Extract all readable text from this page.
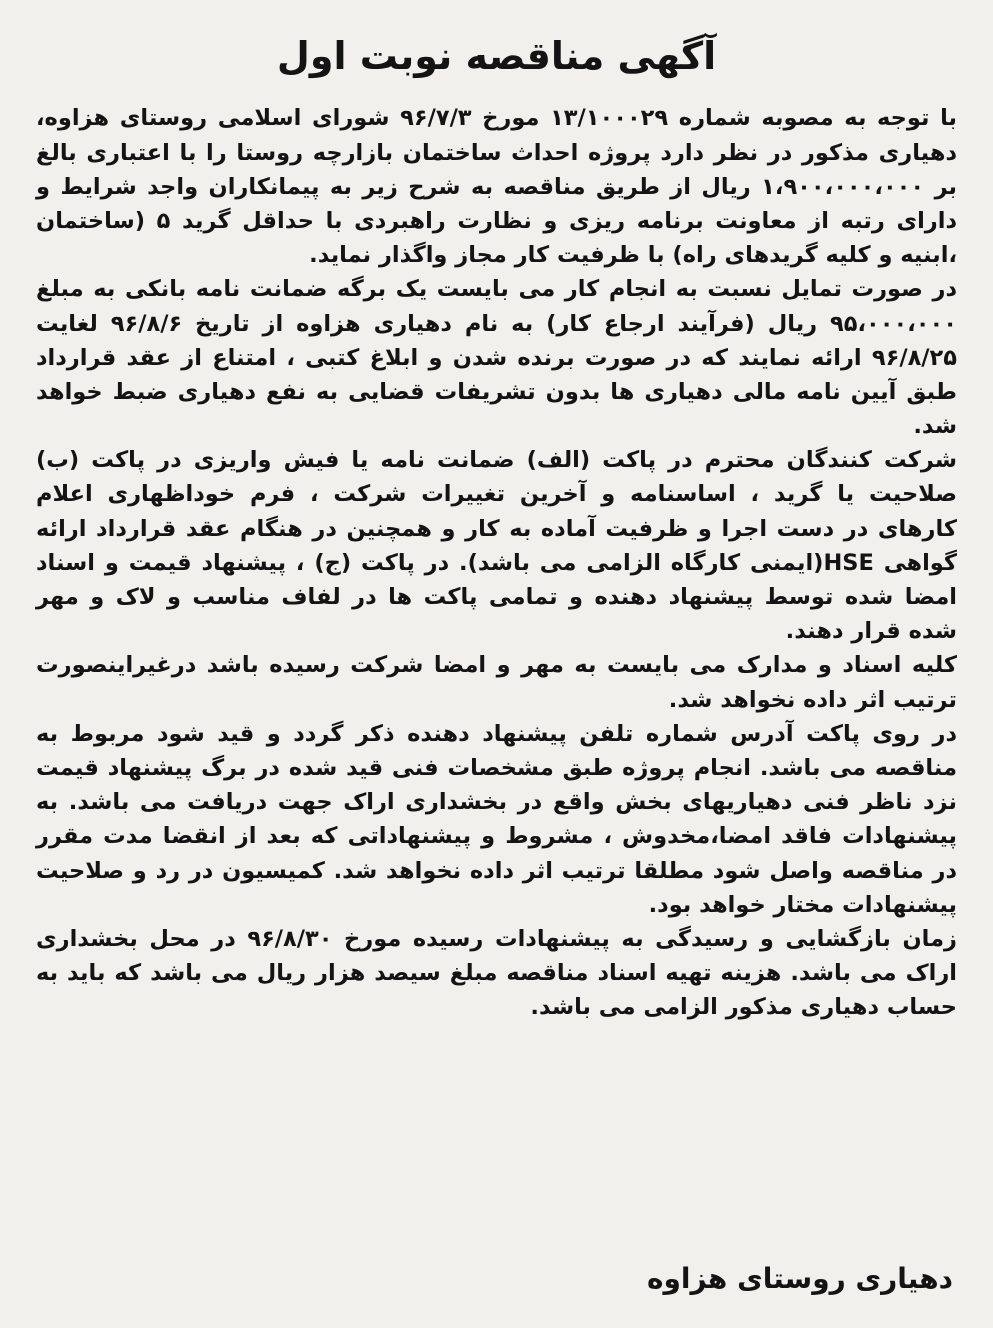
آگهی مناقصه نوبت اول

با توجه به مصوبه شماره ۱۳/۱۰۰۰۲۹ مورخ ۹۶/۷/۳ شورای اسلامی روستای هزاوه، دهیاری مذکور در نظر دارد پروژه احداث ساختمان بازارچه روستا را با اعتباری بالغ بر ۱،۹۰۰،۰۰۰،۰۰۰ ریال از طریق مناقصه به شرح زیر به پیمانکاران واجد شرایط و دارای رتبه از معاونت برنامه ریزی و نظارت راهبردی با حداقل گرید ۵ (ساختمان ،ابنیه و کلیه گریدهای راه) با ظرفیت کار مجاز واگذار نماید.

در صورت تمایل نسبت به انجام کار می بایست یک برگه ضمانت نامه بانکی به مبلغ ۹۵،۰۰۰،۰۰۰ ریال (فرآیند ارجاع کار) به نام دهیاری هزاوه از تاریخ ۹۶/۸/۶ لغایت ۹۶/۸/۲۵ ارائه نمایند که در صورت برنده شدن و ابلاغ کتبی ، امتناع از عقد قرارداد طبق آیین نامه مالی دهیاری ها بدون تشریفات قضایی به نفع دهیاری ضبط خواهد شد.

شرکت کنندگان محترم در پاکت (الف) ضمانت نامه یا فیش واریزی در پاکت (ب) صلاحیت یا گرید ، اساسنامه و آخرین تغییرات شرکت ، فرم خوداظهاری اعلام کارهای در دست اجرا و ظرفیت آماده به کار و همچنین در هنگام عقد قرارداد ارائه گواهی HSE(ایمنی کارگاه الزامی می باشد). در پاکت (ج) ، پیشنهاد قیمت و اسناد امضا شده توسط پیشنهاد دهنده و تمامی پاکت ها در لفاف مناسب و لاک و مهر شده قرار دهند.

کلیه اسناد و مدارک می بایست به مهر و امضا شرکت رسیده باشد درغیراینصورت ترتیب اثر داده نخواهد شد.

در روی پاکت آدرس شماره تلفن پیشنهاد دهنده ذکر گردد و قید شود مربوط به مناقصه می باشد. انجام پروژه طبق مشخصات فنی قید شده در برگ پیشنهاد قیمت نزد ناظر فنی دهیاریهای بخش واقع در بخشداری اراک جهت دریافت می باشد. به پیشنهادات فاقد امضا،مخدوش ، مشروط و پیشنهاداتی که بعد از انقضا مدت مقرر در مناقصه واصل شود مطلقا ترتیب اثر داده نخواهد شد. کمیسیون در رد و صلاحیت پیشنهادات مختار خواهد بود.

زمان بازگشایی و رسیدگی به پیشنهادات رسیده مورخ ۹۶/۸/۳۰ در محل بخشداری اراک می باشد. هزینه تهیه اسناد مناقصه مبلغ سیصد هزار ریال می باشد که باید به حساب دهیاری مذکور الزامی می باشد.

دهیاری روستای هزاوه
